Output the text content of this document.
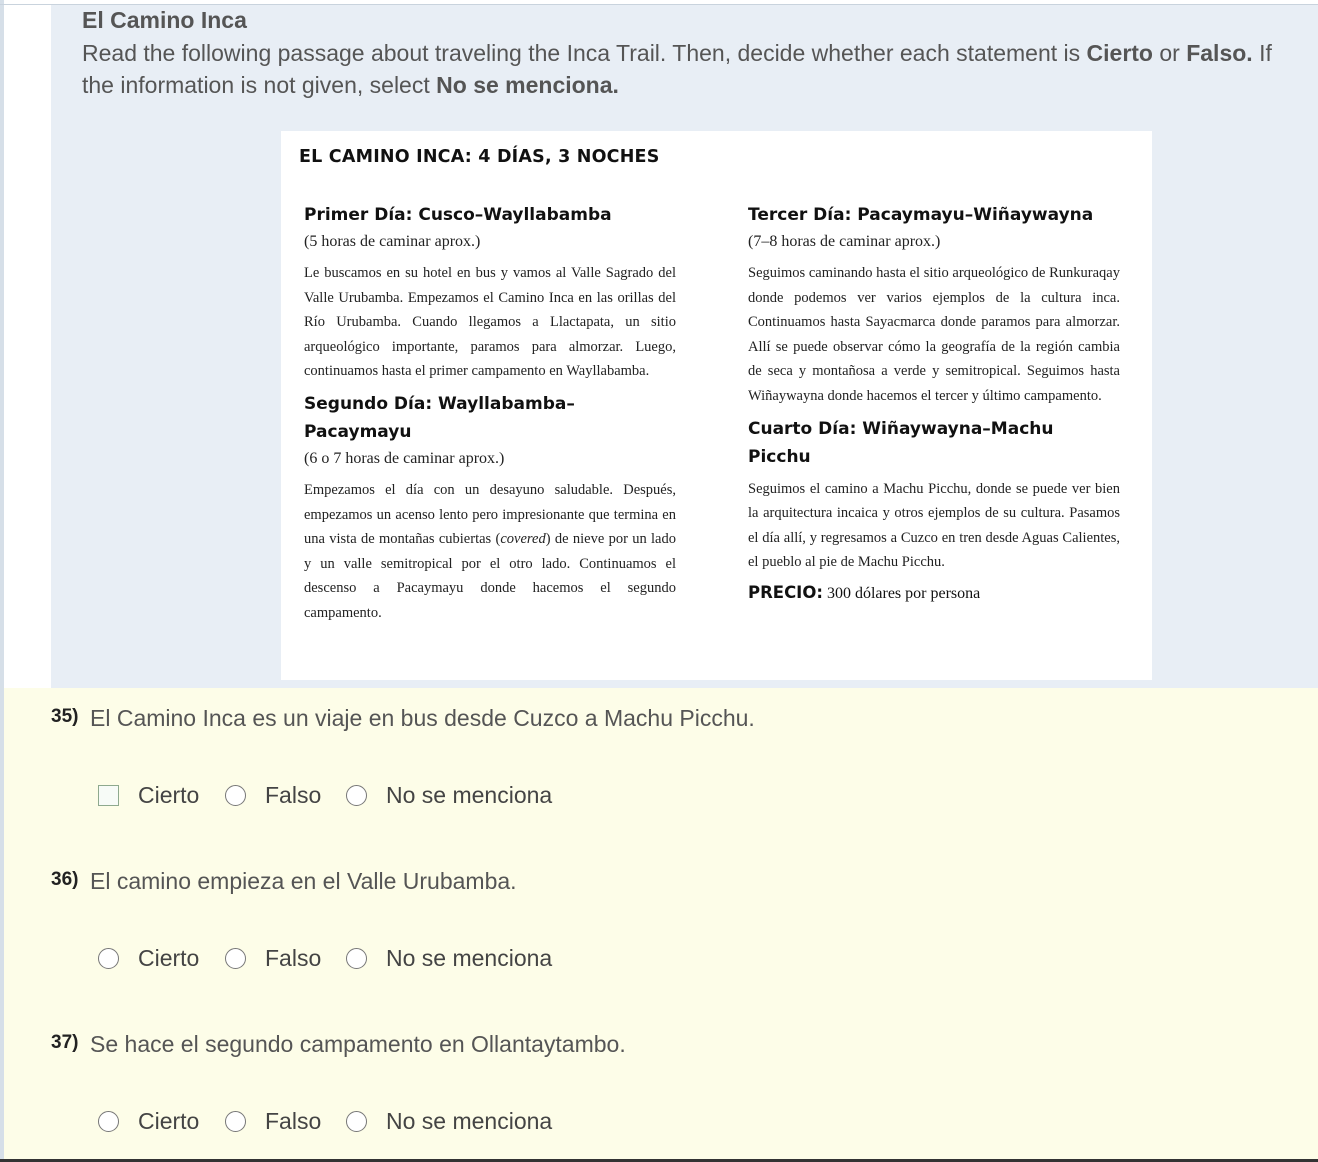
El Camino Inca
Read the following passage about traveling the Inca Trail. Then, decide whether each statement is Cierto or Falso. If the information is not given, select No se menciona.
EL CAMINO INCA: 4 DÍAS, 3 NOCHES
Primer Día: Cusco–Wayllabamba
(5 horas de caminar aprox.)
Le buscamos en su hotel en bus y vamos al Valle Sagrado del Valle Urubamba. Empezamos el Camino Inca en las orillas del Río Urubamba. Cuando llegamos a Llactapata, un sitio arqueológico importante, paramos para almorzar. Luego, continuamos hasta el primer campamento en Wayllabamba.
Segundo Día: Wayllabamba–Pacaymayu
(6 o 7 horas de caminar aprox.)
Empezamos el día con un desayuno saludable. Después, empezamos un acenso lento pero impresionante que termina en una vista de montañas cubiertas (covered) de nieve por un lado y un valle semitropical por el otro lado. Continuamos el descenso a Pacaymayu donde hacemos el segundo campamento.
Tercer Día: Pacaymayu–Wiñaywayna
(7–8 horas de caminar aprox.)
Seguimos caminando hasta el sitio arqueológico de Runkuraqay donde podemos ver varios ejemplos de la cultura inca. Continuamos hasta Sayacmarca donde paramos para almorzar. Allí se puede observar cómo la geografía de la región cambia de seca y montañosa a verde y semitropical. Seguimos hasta Wiñaywayna donde hacemos el tercer y último campamento.
Cuarto Día: Wiñaywayna–Machu Picchu
Seguimos el camino a Machu Picchu, donde se puede ver bien la arquitectura incaica y otros ejemplos de su cultura. Pasamos el día allí, y regresamos a Cuzco en tren desde Aguas Calientes, el pueblo al pie de Machu Picchu.
PRECIO: 300 dólares por persona
35) El Camino Inca es un viaje en bus desde Cuzco a Machu Picchu.
Cierto	Falso	No se menciona
36) El camino empieza en el Valle Urubamba.
Cierto	Falso	No se menciona
37) Se hace el segundo campamento en Ollantaytambo.
Cierto	Falso	No se menciona
